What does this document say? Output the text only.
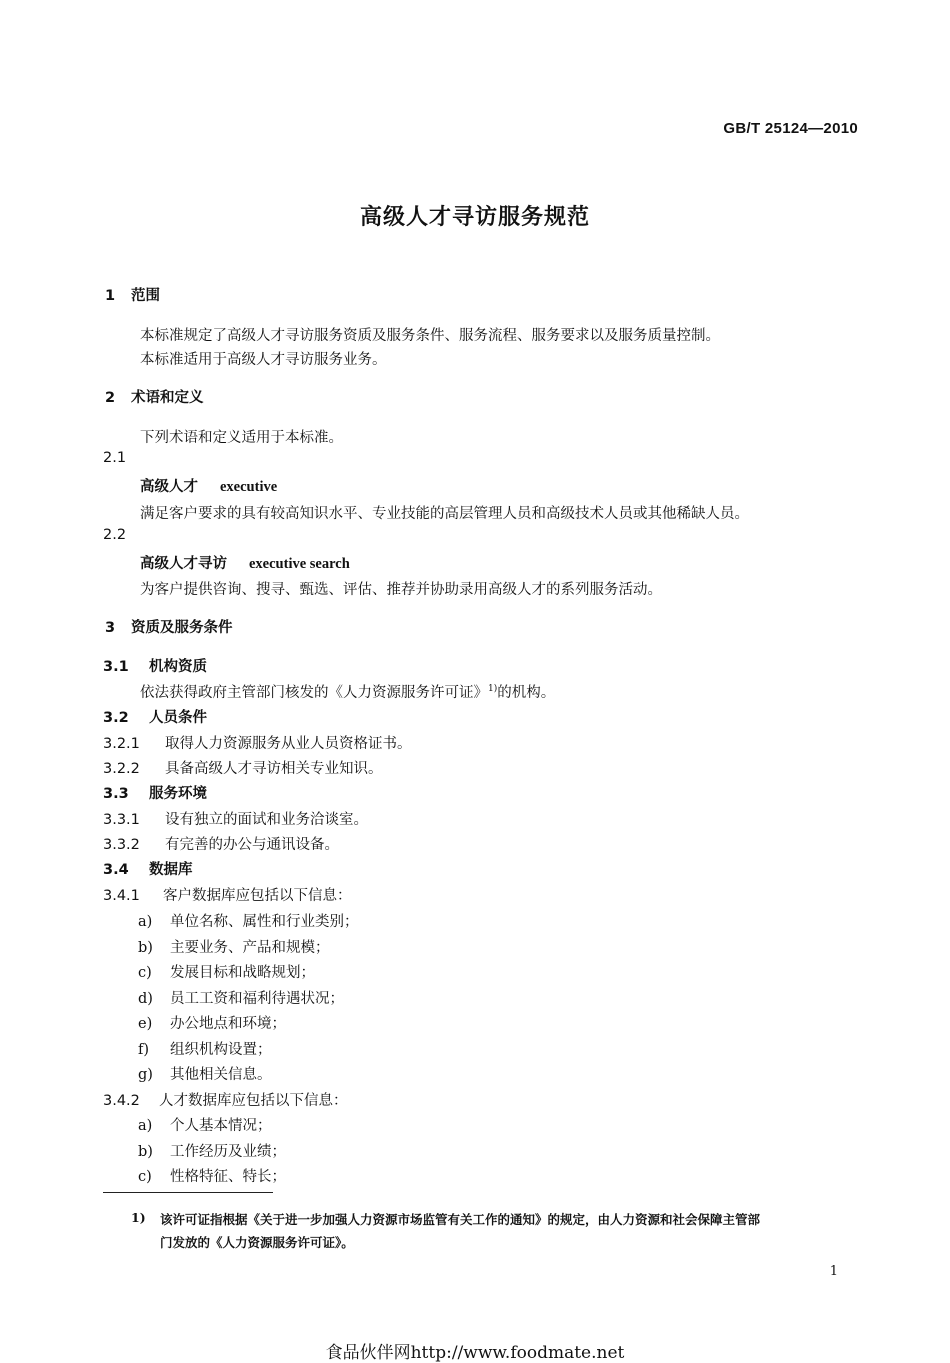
GB/T 25124—2010
高级人才寻访服务规范
1 范围
本标准规定了高级人才寻访服务资质及服务条件、服务流程、服务要求以及服务质量控制。
本标准适用于高级人才寻访服务业务。
2 术语和定义
下列术语和定义适用于本标准。
2.1
高级人才 executive
满足客户要求的具有较高知识水平、专业技能的高层管理人员和高级技术人员或其他稀缺人员。
2.2
高级人才寻访 executive search
为客户提供咨询、搜寻、甄选、评估、推荐并协助录用高级人才的系列服务活动。
3 资质及服务条件
3.1 机构资质
依法获得政府主管部门核发的《人力资源服务许可证》$^{1)}$的机构。
3.2 人员条件
3.2.1 取得人力资源服务从业人员资格证书。
3.2.2 具备高级人才寻访相关专业知识。
3.3 服务环境
3.3.1 设有独立的面试和业务洽谈室。
3.3.2 有完善的办公与通讯设备。
3.4 数据库
3.4.1 客户数据库应包括以下信息：
a) 单位名称、属性和行业类别；
b) 主要业务、产品和规模；
c) 发展目标和战略规划；
d) 员工工资和福利待遇状况；
e) 办公地点和环境；
f) 组织机构设置；
g) 其他相关信息。
3.4.2 人才数据库应包括以下信息：
a) 个人基本情况；
b) 工作经历及业绩；
c) 性格特征、特长；
1) 该许可证指根据《关于进一步加强人力资源市场监管有关工作的通知》的规定，由人力资源和社会保障主管部
门发放的《人力资源服务许可证》。
1
食品伙伴网http://www.foodmate.net
